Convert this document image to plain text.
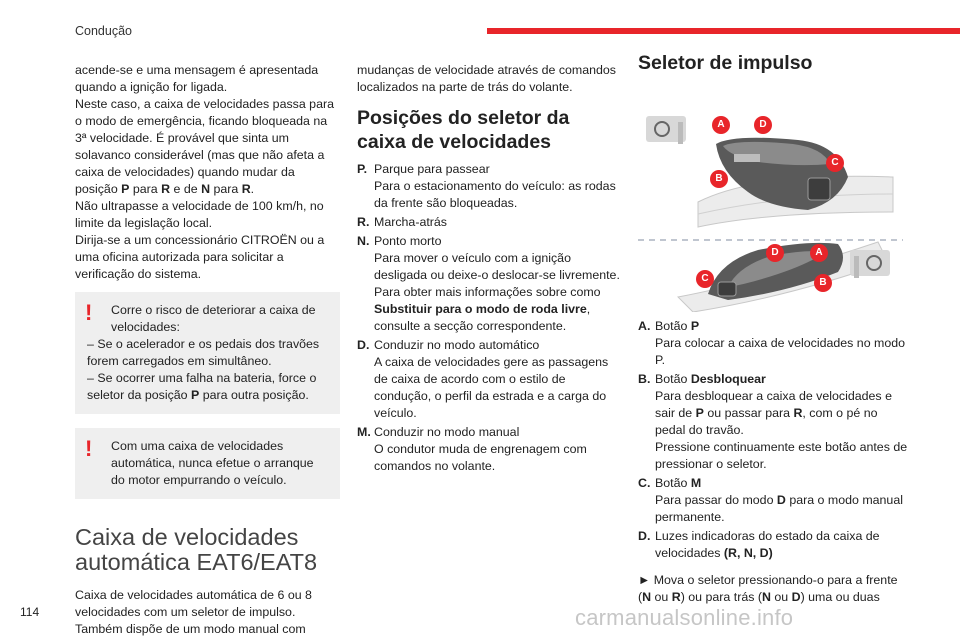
Condução

acende-se e uma mensagem é apresentada quando a ignição for ligada.

Neste caso, a caixa de velocidades passa para o modo de emergência, ficando bloqueada na 3ª velocidade. É provável que sinta um solavanco considerável (mas que não afeta a caixa de velocidades) quando mudar da posição P para R e de N para R.

Não ultrapasse a velocidade de 100 km/h, no limite da legislação local.

Dirija-se a um concessionário CITROËN ou a uma oficina autorizada para solicitar a verificação do sistema.

!	Corre o risco de deteriorar a caixa de velocidades:

– Se o acelerador e os pedais dos travões forem carregados em simultâneo.

– Se ocorrer uma falha na bateria, force o seletor da posição P para outra posição.

!	Com uma caixa de velocidades automática, nunca efetue o arranque do motor empurrando o veículo.

Caixa de velocidades automática EAT6/EAT8

Caixa de velocidades automática de 6 ou 8 velocidades com um seletor de impulso. Também dispõe de um modo manual com

mudanças de velocidade através de comandos localizados na parte de trás do volante.

Posições do seletor da caixa de velocidades
P. Parque para passear
Para o estacionamento do veículo: as rodas da frente são bloqueadas.
R. Marcha-atrás
N. Ponto morto
Para mover o veículo com a ignição desligada ou deixe-o deslocar-se livremente.
Para obter mais informações sobre como Substituir para o modo de roda livre, consulte a secção correspondente.
D. Conduzir no modo automático
A caixa de velocidades gere as passagens de caixa de acordo com o estilo de condução, o perfil da estrada e a carga do veículo.
M. Conduzir no modo manual
O condutor muda de engrenagem com comandos no volante.
Seletor de impulso
A	D
C
B
D	A
C	B
A. Botão P
Para colocar a caixa de velocidades no modo P.
B. Botão Desbloquear
Para desbloquear a caixa de velocidades e sair de P ou passar para R, com o pé no pedal do travão.
Pressione continuamente este botão antes de pressionar o seletor.
C. Botão M
Para passar do modo D para o modo manual permanente.
D. Luzes indicadoras do estado da caixa de velocidades (R, N, D)

► Mova o seletor pressionando-o para a frente (N ou R) ou para trás (N ou D) uma ou duas

114	carmanualsonline.info
